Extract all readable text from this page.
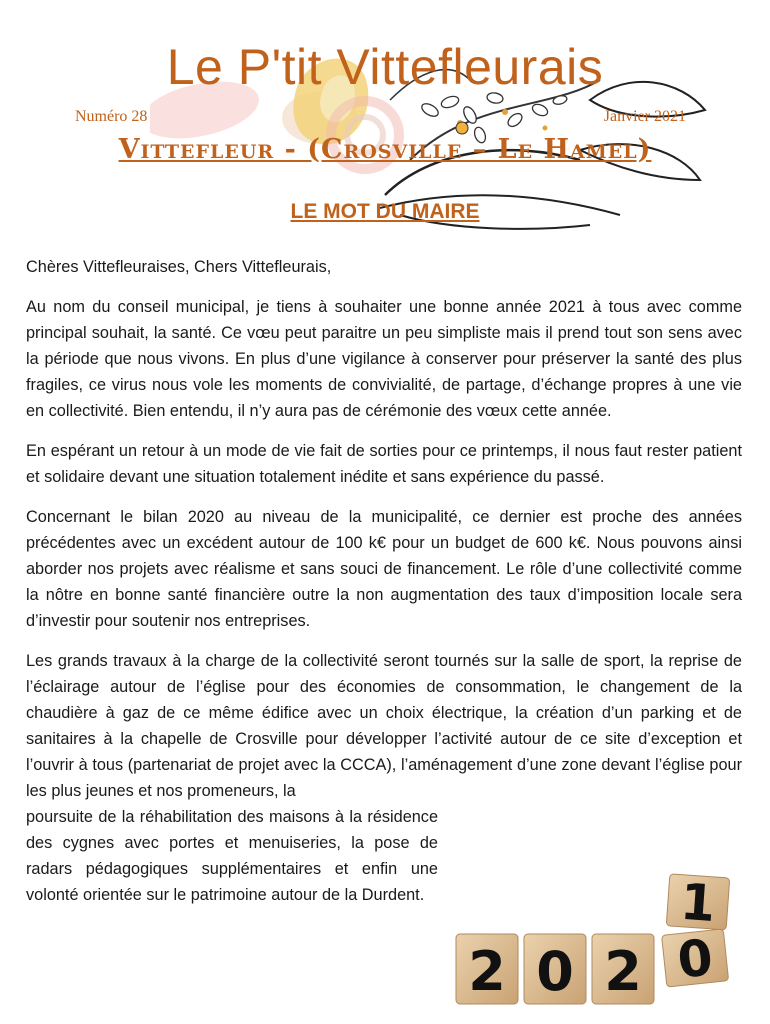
Le P'tit Vittefleurais
Numéro 28	Janvier 2021
Vittefleur - (Crosville – Le Hamel)
LE MOT DU MAIRE

Chères Vittefleuraises, Chers Vittefleurais,

Au nom du conseil municipal, je tiens à souhaiter une bonne année 2021 à tous avec comme principal souhait, la santé. Ce vœu peut paraitre un peu simpliste mais il prend tout son sens avec la période que nous vivons. En plus d’une vigilance à conserver pour préserver la santé des plus fragiles, ce virus nous vole les moments de convivialité, de partage, d’échange propres à une vie en collectivité. Bien entendu, il n’y aura pas de cérémonie des vœux cette année.

En espérant un retour à un mode de vie fait de sorties pour ce printemps, il nous faut rester patient et solidaire devant une situation totalement inédite et sans expérience du passé.

Concernant le bilan 2020 au niveau de la municipalité, ce dernier est proche des années précédentes avec un excédent autour de 100 k€ pour un budget de 600 k€. Nous pouvons ainsi aborder nos projets avec réalisme et sans souci de financement. Le rôle d’une collectivité comme la nôtre en bonne santé financière outre la non augmentation des taux d’imposition locale sera d’investir pour soutenir nos entreprises.

Les grands travaux à la charge de la collectivité seront tournés sur la salle de sport, la reprise de l’éclairage autour de l’église pour des économies de consommation, le changement de la chaudière à gaz de ce même édifice avec un choix électrique, la création d’un parking et de sanitaires à la chapelle de Crosville pour développer l’activité autour de ce site d’exception et l’ouvrir à tous (partenariat de projet avec la CCCA), l’aménagement d’une zone devant l’église pour les plus jeunes et nos promeneurs, la

poursuite de la réhabilitation des maisons à la résidence des cygnes avec portes et menuiseries, la pose de radars pédagogiques supplémentaires et enfin une volonté orientée sur le patrimoine autour de la Durdent.

2 0 2 0
1
